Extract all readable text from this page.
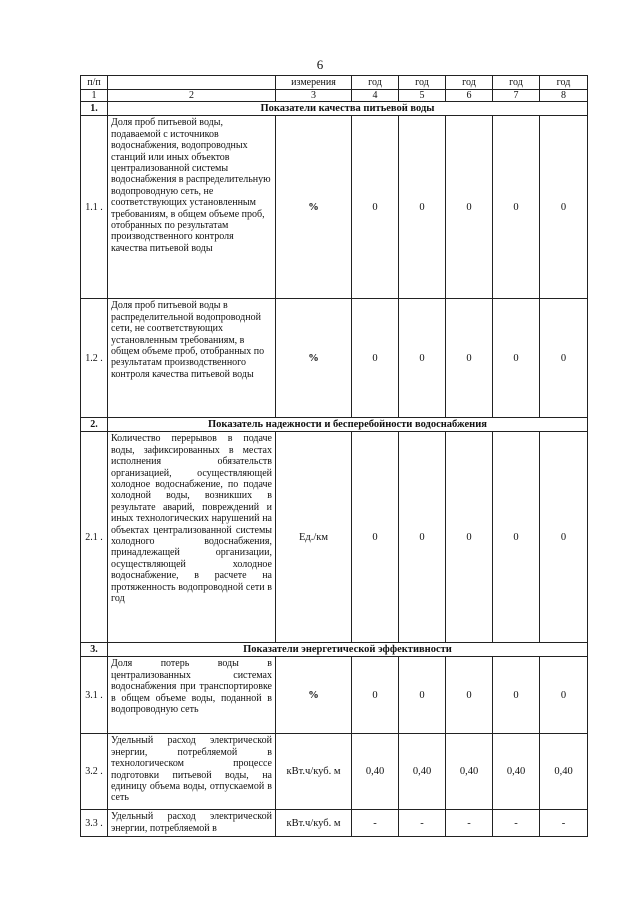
6
п/п		измерения	год	год	год	год	год
1	2	3	4	5	6	7	8
1.	Показатели качества питьевой воды						
1.1 .	Доля проб питьевой воды, подаваемой с источников водоснабжения, водопроводных станций или иных объектов централизованной системы водоснабжения в распределительную водопроводную сеть, не соответствующих установленным требованиям, в общем объеме проб, отобранных по результатам производственного контроля качества питьевой воды	%	0	0	0	0	0
1.2 .	Доля проб питьевой воды в распределительной водопроводной сети, не соответствующих установленным требованиям, в общем объеме проб, отобранных по результатам производственного контроля качества питьевой воды	%	0	0	0	0	0
2.	Показатель надежности и бесперебойности водоснабжения						
2.1 .	Количество перерывов в подаче воды, зафиксированных в местах исполнения обязательств организацией, осуществляющей холодное водоснабжение, по подаче холодной воды, возникших в результате аварий, повреждений и иных технологических нарушений на объектах централизованной системы холодного водоснабжения, принадлежащей организации, осуществляющей холодное водоснабжение, в расчете на протяженность водопроводной сети в год	Ед./км	0	0	0	0	0
3.	Показатели энергетической эффективности						
3.1 .	Доля потерь воды в централизованных системах водоснабжения при транспортировке в общем объеме воды, поданной в водопроводную сеть	%	0	0	0	0	0
3.2 .	Удельный расход электрической энергии, потребляемой в технологическом процессе подготовки питьевой воды, на единицу объема воды, отпускаемой в сеть	кВт.ч/куб. м	0,40	0,40	0,40	0,40	0,40
3.3 .	Удельный расход электрической энергии, потребляемой в	кВт.ч/куб. м	-	-	-	-	-
